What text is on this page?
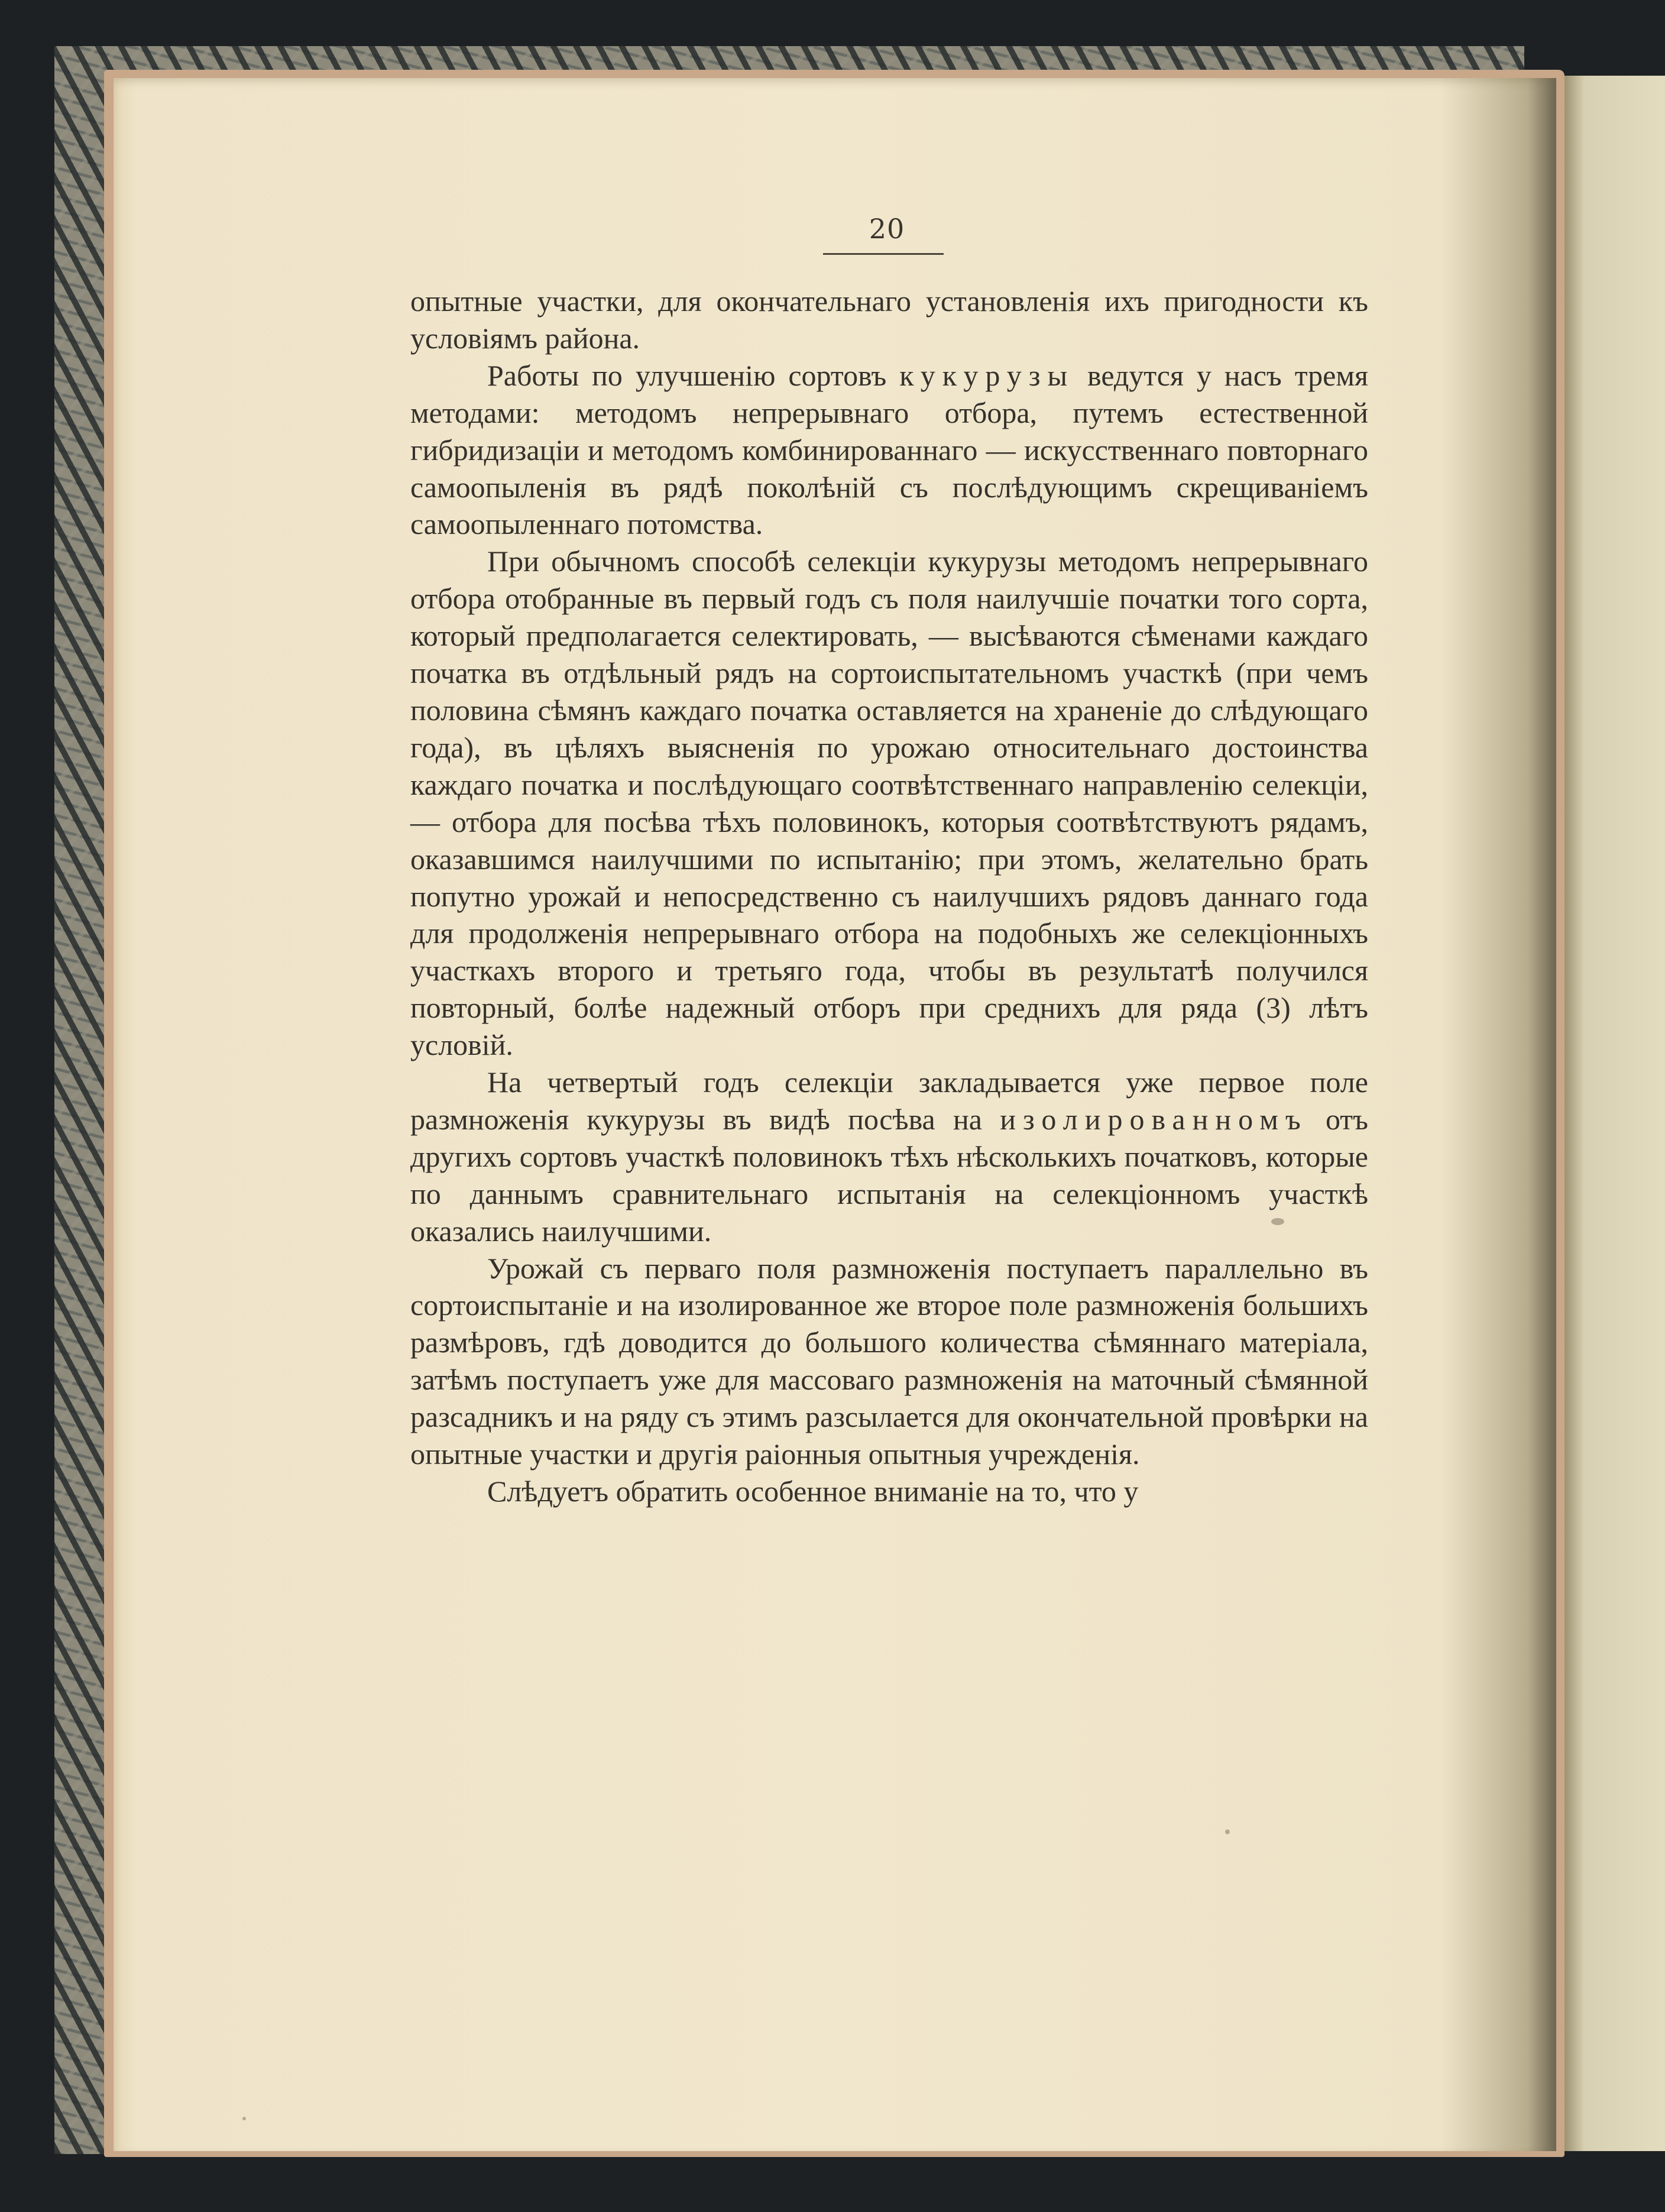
20

опытные участки, для окончательнаго установленія ихъ пригодности къ условіямъ района.

Работы по улучшенію сортовъ кукурузы ведутся у насъ тремя методами: методомъ непрерывнаго отбора, путемъ естественной гибридизаціи и методомъ комбинированнаго — искусственнаго повторнаго самоопыленія въ рядѣ поколѣній съ послѣдующимъ скрещиваніемъ самоопыленнаго потомства.

При обычномъ способѣ селекціи кукурузы методомъ непрерывнаго отбора отобранные въ первый годъ съ поля наилучшіе початки того сорта, который предполагается селектировать, — высѣваются сѣменами каждаго початка въ отдѣльный рядъ на сортоиспытательномъ участкѣ (при чемъ половина сѣмянъ каждаго початка оставляется на храненіе до слѣдующаго года), въ цѣляхъ выясненія по урожаю относительнаго достоинства каждаго початка и послѣдующаго соотвѣтственнаго направленію селекціи, — отбора для посѣва тѣхъ половинокъ, которыя соотвѣтствуютъ рядамъ, оказавшимся наилучшими по испытанію; при этомъ, желательно брать попутно урожай и непосредственно съ наилучшихъ рядовъ даннаго года для продолженія непрерывнаго отбора на подобныхъ же селекціонныхъ участкахъ второго и третьяго года, чтобы въ результатѣ получился повторный, болѣе надежный отборъ при среднихъ для ряда (3) лѣтъ условій.

На четвертый годъ селекціи закладывается уже первое поле размноженія кукурузы въ видѣ посѣва на изолированномъ отъ другихъ сортовъ участкѣ половинокъ тѣхъ нѣсколькихъ початковъ, которые по даннымъ сравнительнаго испытанія на селекціонномъ участкѣ оказались наилучшими.

Урожай съ перваго поля размноженія поступаетъ параллельно въ сортоиспытаніе и на изолированное же второе поле размноженія большихъ размѣровъ, гдѣ доводится до большого количества сѣмяннаго матеріала, затѣмъ поступаетъ уже для массоваго размноженія на маточный сѣмянной разсадникъ и на ряду съ этимъ разсылается для окончательной провѣрки на опытные участки и другія раіонныя опытныя учрежденія.

Слѣдуетъ обратить особенное вниманіе на то, что у
